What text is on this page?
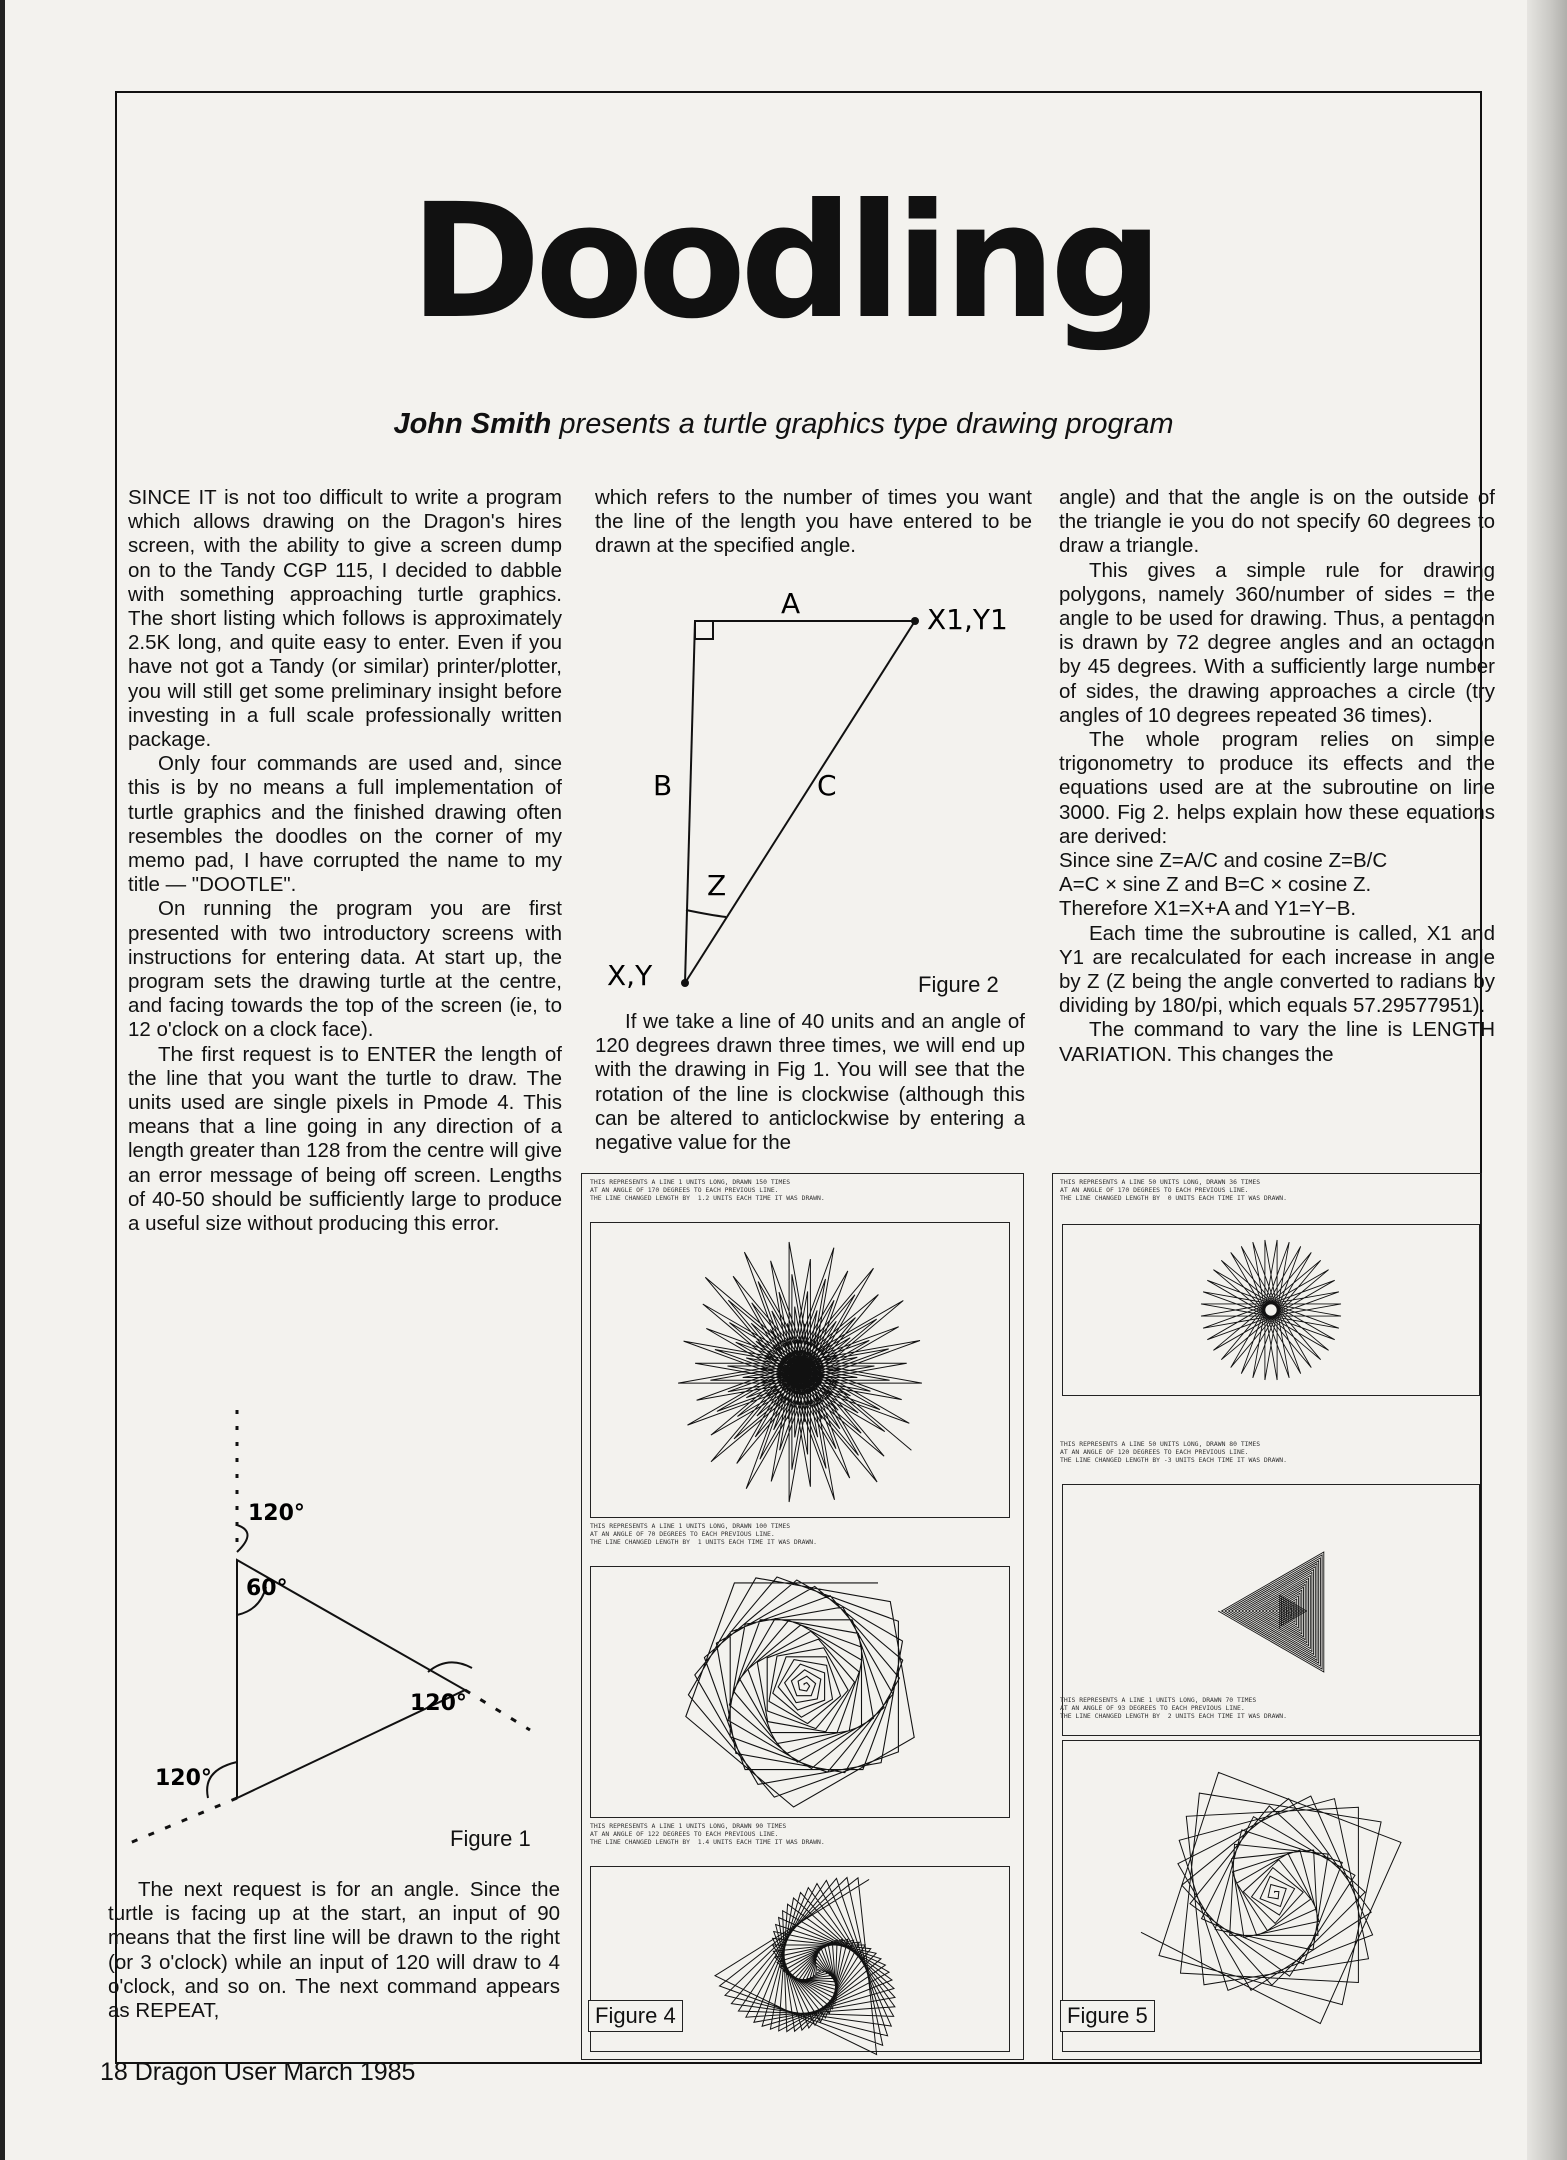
Doodling

John Smith presents a turtle graphics type drawing program

SINCE IT is not too difficult to write a program which allows drawing on the Dragon's hires screen, with the ability to give a screen dump on to the Tandy CGP 115, I decided to dabble with something approaching turtle graphics. The short listing which follows is approximately 2.5K long, and quite easy to enter. Even if you have not got a Tandy (or similar) printer/plotter, you will still get some preliminary insight before investing in a full scale professionally written package.

Only four commands are used and, since this is by no means a full implementation of turtle graphics and the finished drawing often resembles the doodles on the corner of my memo pad, I have corrupted the name to my title — "DOOTLE".

On running the program you are first presented with two introductory screens with instructions for entering data. At start up, the program sets the drawing turtle at the centre, and facing towards the top of the screen (ie, to 12 o'clock on a clock face).

The first request is to ENTER the length of the line that you want the turtle to draw. The units used are single pixels in Pmode 4. This means that a line going in any direction of a length greater than 128 from the centre will give an error message of being off screen. Lengths of 40-50 should be sufficiently large to produce a useful size without producing this error.

The next request is for an angle. Since the turtle is facing up at the start, an input of 90 means that the first line will be drawn to the right (or 3 o'clock) while an input of 120 will draw to 4 o'clock, and so on. The next command appears as REPEAT,

which refers to the number of times you want the line of the length you have entered to be drawn at the specified angle.

If we take a line of 40 units and an angle of 120 degrees drawn three times, we will end up with the drawing in Fig 1. You will see that the rotation of the line is clockwise (although this can be altered to anticlockwise by entering a negative value for the

angle) and that the angle is on the outside of the triangle ie you do not specify 60 degrees to draw a triangle.

This gives a simple rule for drawing polygons, namely 360/number of sides = the angle to be used for drawing. Thus, a pentagon is drawn by 72 degree angles and an octagon by 45 degrees. With a sufficiently large number of sides, the drawing approaches a circle (try angles of 10 degrees repeated 36 times).

The whole program relies on simple trigonometry to produce its effects and the equations used are at the subroutine on line 3000. Fig 2. helps explain how these equations are derived:

Since sine Z=A/C and cosine Z=B/C

A=C × sine Z and B=C × cosine Z.

Therefore X1=X+A and Y1=Y−B.

Each time the subroutine is called, X1 and Y1 are recalculated for each increase in angle by Z (Z being the angle converted to radians by dividing by 180/pi, which equals 57.29577951).

The command to vary the line is LENGTH VARIATION. This changes the

120°
60°
120°
120°
Figure 1
A
B	C
Z
X1,Y1
X,Y	Figure 2
THIS REPRESENTS A LINE 1 UNITS LONG, DRAWN 150 TIMES
AT AN ANGLE OF 170 DEGREES TO EACH PREVIOUS LINE.
THE LINE CHANGED LENGTH BY  1.2 UNITS EACH TIME IT WAS DRAWN.
THIS REPRESENTS A LINE 1 UNITS LONG, DRAWN 100 TIMES
AT AN ANGLE OF 70 DEGREES TO EACH PREVIOUS LINE.
THE LINE CHANGED LENGTH BY  1 UNITS EACH TIME IT WAS DRAWN.
THIS REPRESENTS A LINE 1 UNITS LONG, DRAWN 90 TIMES
AT AN ANGLE OF 122 DEGREES TO EACH PREVIOUS LINE.
THE LINE CHANGED LENGTH BY  1.4 UNITS EACH TIME IT WAS DRAWN.
Figure 4
THIS REPRESENTS A LINE 50 UNITS LONG, DRAWN 36 TIMES
AT AN ANGLE OF 170 DEGREES TO EACH PREVIOUS LINE.
THE LINE CHANGED LENGTH BY  0 UNITS EACH TIME IT WAS DRAWN.
THIS REPRESENTS A LINE 50 UNITS LONG, DRAWN 80 TIMES
AT AN ANGLE OF 120 DEGREES TO EACH PREVIOUS LINE.
THE LINE CHANGED LENGTH BY -3 UNITS EACH TIME IT WAS DRAWN.
THIS REPRESENTS A LINE 1 UNITS LONG, DRAWN 70 TIMES
AT AN ANGLE OF 93 DEGREES TO EACH PREVIOUS LINE.
THE LINE CHANGED LENGTH BY  2 UNITS EACH TIME IT WAS DRAWN.
Figure 5
18 Dragon User March 1985
